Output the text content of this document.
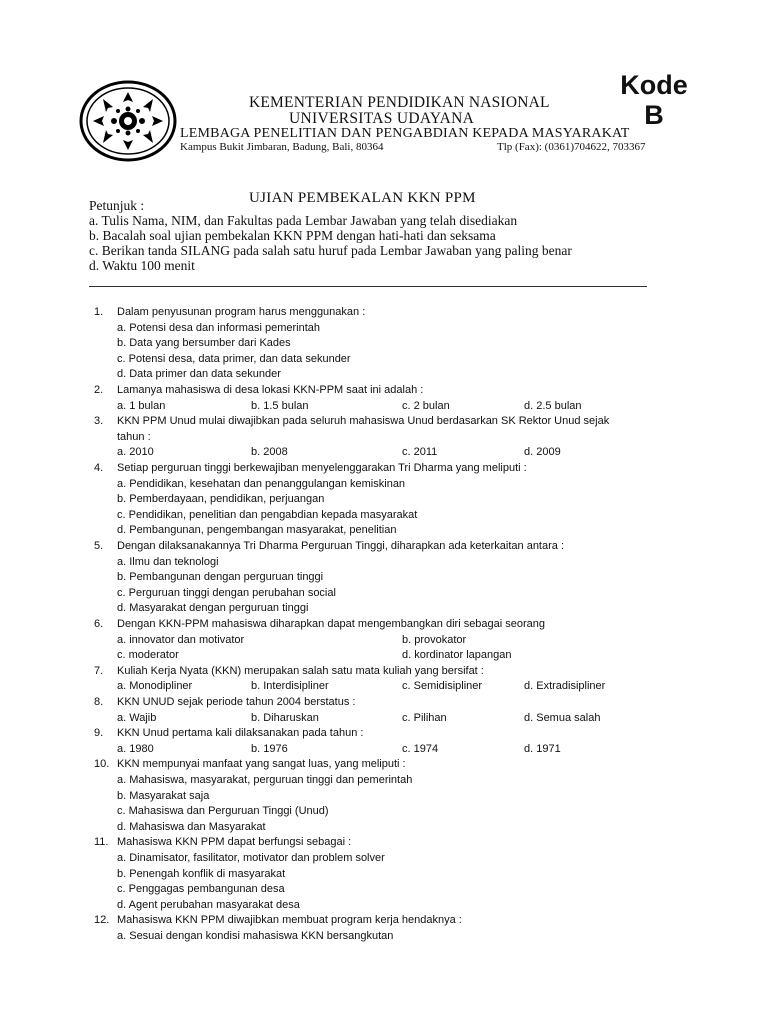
Kode
B
KEMENTERIAN PENDIDIKAN NASIONAL
UNIVERSITAS UDAYANA
LEMBAGA PENELITIAN DAN PENGABDIAN KEPADA MASYARAKAT
Kampus Bukit Jimbaran, Badung, Bali, 80364	Tlp (Fax): (0361)704622, 703367
UJIAN PEMBEKALAN KKN PPM
Petunjuk :
a. Tulis Nama, NIM, dan Fakultas pada Lembar Jawaban yang telah disediakan
b. Bacalah soal ujian pembekalan KKN PPM dengan hati-hati dan seksama
c. Berikan tanda SILANG pada salah satu huruf pada Lembar Jawaban yang paling benar
d. Waktu 100 menit
1. Dalam penyusunan program harus menggunakan :
a. Potensi desa dan informasi pemerintah
b. Data yang bersumber dari Kades
c. Potensi desa, data primer, dan data sekunder
d. Data primer dan data sekunder
2. Lamanya mahasiswa di desa lokasi KKN-PPM saat ini adalah :
a. 1 bulan	b. 1.5 bulan	c. 2 bulan	d. 2.5 bulan
3. KKN PPM Unud mulai diwajibkan pada seluruh mahasiswa Unud berdasarkan SK Rektor Unud sejak
tahun :
a. 2010	b. 2008	c. 2011	d. 2009
4. Setiap perguruan tinggi berkewajiban menyelenggarakan Tri Dharma yang meliputi :
a. Pendidikan, kesehatan dan penanggulangan kemiskinan
b. Pemberdayaan, pendidikan, perjuangan
c. Pendidikan, penelitian dan pengabdian kepada masyarakat
d. Pembangunan, pengembangan masyarakat, penelitian
5. Dengan dilaksanakannya Tri Dharma Perguruan Tinggi, diharapkan ada keterkaitan antara :
a. Ilmu dan teknologi
b. Pembangunan dengan perguruan tinggi
c. Perguruan tinggi dengan perubahan social
d. Masyarakat dengan perguruan tinggi
6. Dengan KKN-PPM mahasiswa diharapkan dapat mengembangkan diri sebagai seorang
a. innovator dan motivator	b. provokator
c. moderator	d. kordinator lapangan
7. Kuliah Kerja Nyata (KKN) merupakan salah satu mata kuliah yang bersifat :
a. Monodipliner	b. Interdisipliner	c. Semidisipliner	d. Extradisipliner
8. KKN UNUD sejak periode tahun 2004 berstatus :
a. Wajib	b. Diharuskan	c. Pilihan	d. Semua salah
9. KKN Unud pertama kali dilaksanakan pada tahun :
a. 1980	b. 1976	c. 1974	d. 1971
10. KKN mempunyai manfaat yang sangat luas, yang meliputi :
a. Mahasiswa, masyarakat, perguruan tinggi dan pemerintah
b. Masyarakat saja
c. Mahasiswa dan Perguruan Tinggi (Unud)
d. Mahasiswa dan Masyarakat
11. Mahasiswa KKN PPM dapat berfungsi sebagai :
a. Dinamisator, fasilitator, motivator dan problem solver
b. Penengah konflik di masyarakat
c. Penggagas pembangunan desa
d. Agent perubahan masyarakat desa
12. Mahasiswa KKN PPM diwajibkan membuat program kerja hendaknya :
a. Sesuai dengan kondisi mahasiswa KKN bersangkutan
